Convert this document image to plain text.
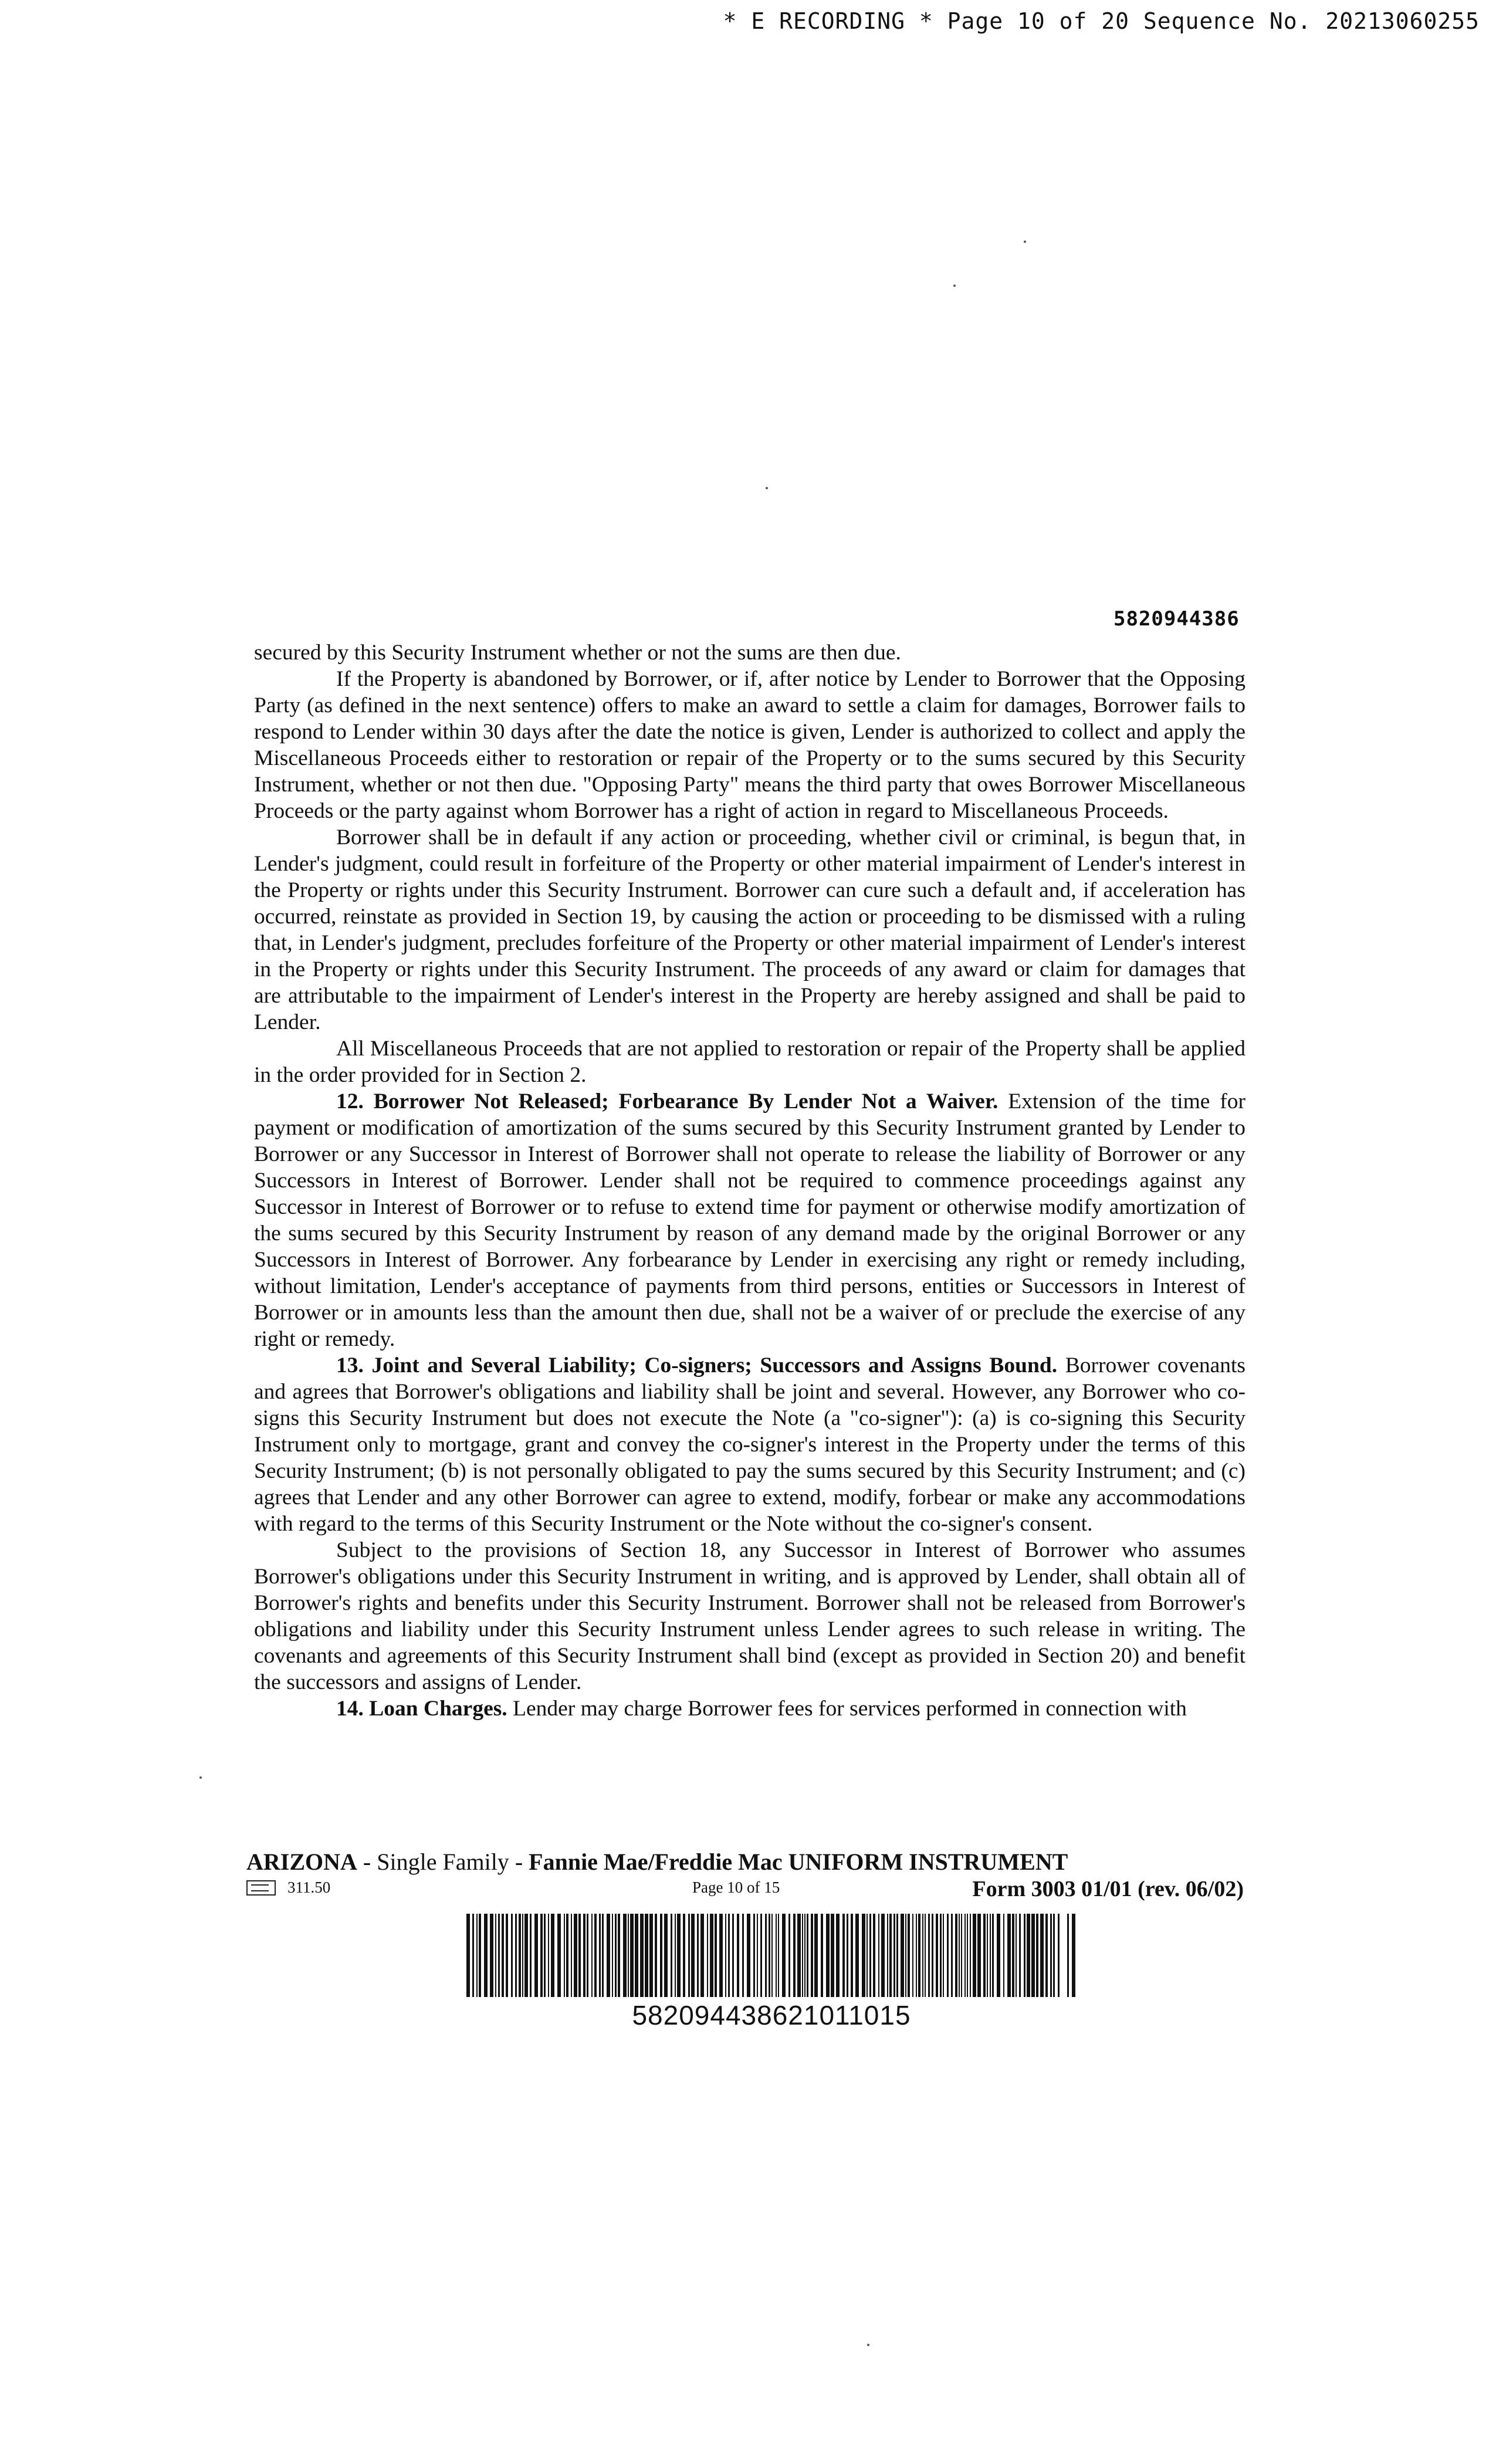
* E RECORDING * Page 10 of 20 Sequence No. 20213060255
5820944386

secured by this Security Instrument whether or not the sums are then due.

If the Property is abandoned by Borrower, or if, after notice by Lender to Borrower that the Opposing Party (as defined in the next sentence) offers to make an award to settle a claim for damages, Borrower fails to respond to Lender within 30 days after the date the notice is given, Lender is authorized to collect and apply the Miscellaneous Proceeds either to restoration or repair of the Property or to the sums secured by this Security Instrument, whether or not then due. "Opposing Party" means the third party that owes Borrower Miscellaneous Proceeds or the party against whom Borrower has a right of action in regard to Miscellaneous Proceeds.

Borrower shall be in default if any action or proceeding, whether civil or criminal, is begun that, in Lender's judgment, could result in forfeiture of the Property or other material impairment of Lender's interest in the Property or rights under this Security Instrument. Borrower can cure such a default and, if acceleration has occurred, reinstate as provided in Section 19, by causing the action or proceeding to be dismissed with a ruling that, in Lender's judgment, precludes forfeiture of the Property or other material impairment of Lender's interest in the Property or rights under this Security Instrument. The proceeds of any award or claim for damages that are attributable to the impairment of Lender's interest in the Property are hereby assigned and shall be paid to Lender.

All Miscellaneous Proceeds that are not applied to restoration or repair of the Property shall be applied in the order provided for in Section 2.

12. Borrower Not Released; Forbearance By Lender Not a Waiver. Extension of the time for payment or modification of amortization of the sums secured by this Security Instrument granted by Lender to Borrower or any Successor in Interest of Borrower shall not operate to release the liability of Borrower or any Successors in Interest of Borrower. Lender shall not be required to commence proceedings against any Successor in Interest of Borrower or to refuse to extend time for payment or otherwise modify amortization of the sums secured by this Security Instrument by reason of any demand made by the original Borrower or any Successors in Interest of Borrower. Any forbearance by Lender in exercising any right or remedy including, without limitation, Lender's acceptance of payments from third persons, entities or Successors in Interest of Borrower or in amounts less than the amount then due, shall not be a waiver of or preclude the exercise of any right or remedy.

13. Joint and Several Liability; Co-signers; Successors and Assigns Bound. Borrower covenants and agrees that Borrower's obligations and liability shall be joint and several. However, any Borrower who co-signs this Security Instrument but does not execute the Note (a "co-signer"): (a) is co-signing this Security Instrument only to mortgage, grant and convey the co-signer's interest in the Property under the terms of this Security Instrument; (b) is not personally obligated to pay the sums secured by this Security Instrument; and (c) agrees that Lender and any other Borrower can agree to extend, modify, forbear or make any accommodations with regard to the terms of this Security Instrument or the Note without the co-signer's consent.

Subject to the provisions of Section 18, any Successor in Interest of Borrower who assumes Borrower's obligations under this Security Instrument in writing, and is approved by Lender, shall obtain all of Borrower's rights and benefits under this Security Instrument. Borrower shall not be released from Borrower's obligations and liability under this Security Instrument unless Lender agrees to such release in writing. The covenants and agreements of this Security Instrument shall bind (except as provided in Section 20) and benefit the successors and assigns of Lender.

14. Loan Charges. Lender may charge Borrower fees for services performed in connection with

ARIZONA - Single Family - Fannie Mae/Freddie Mac UNIFORM INSTRUMENT
311.50	Page 10 of 15	Form 3003 01/01 (rev. 06/02)
582094438621011015
